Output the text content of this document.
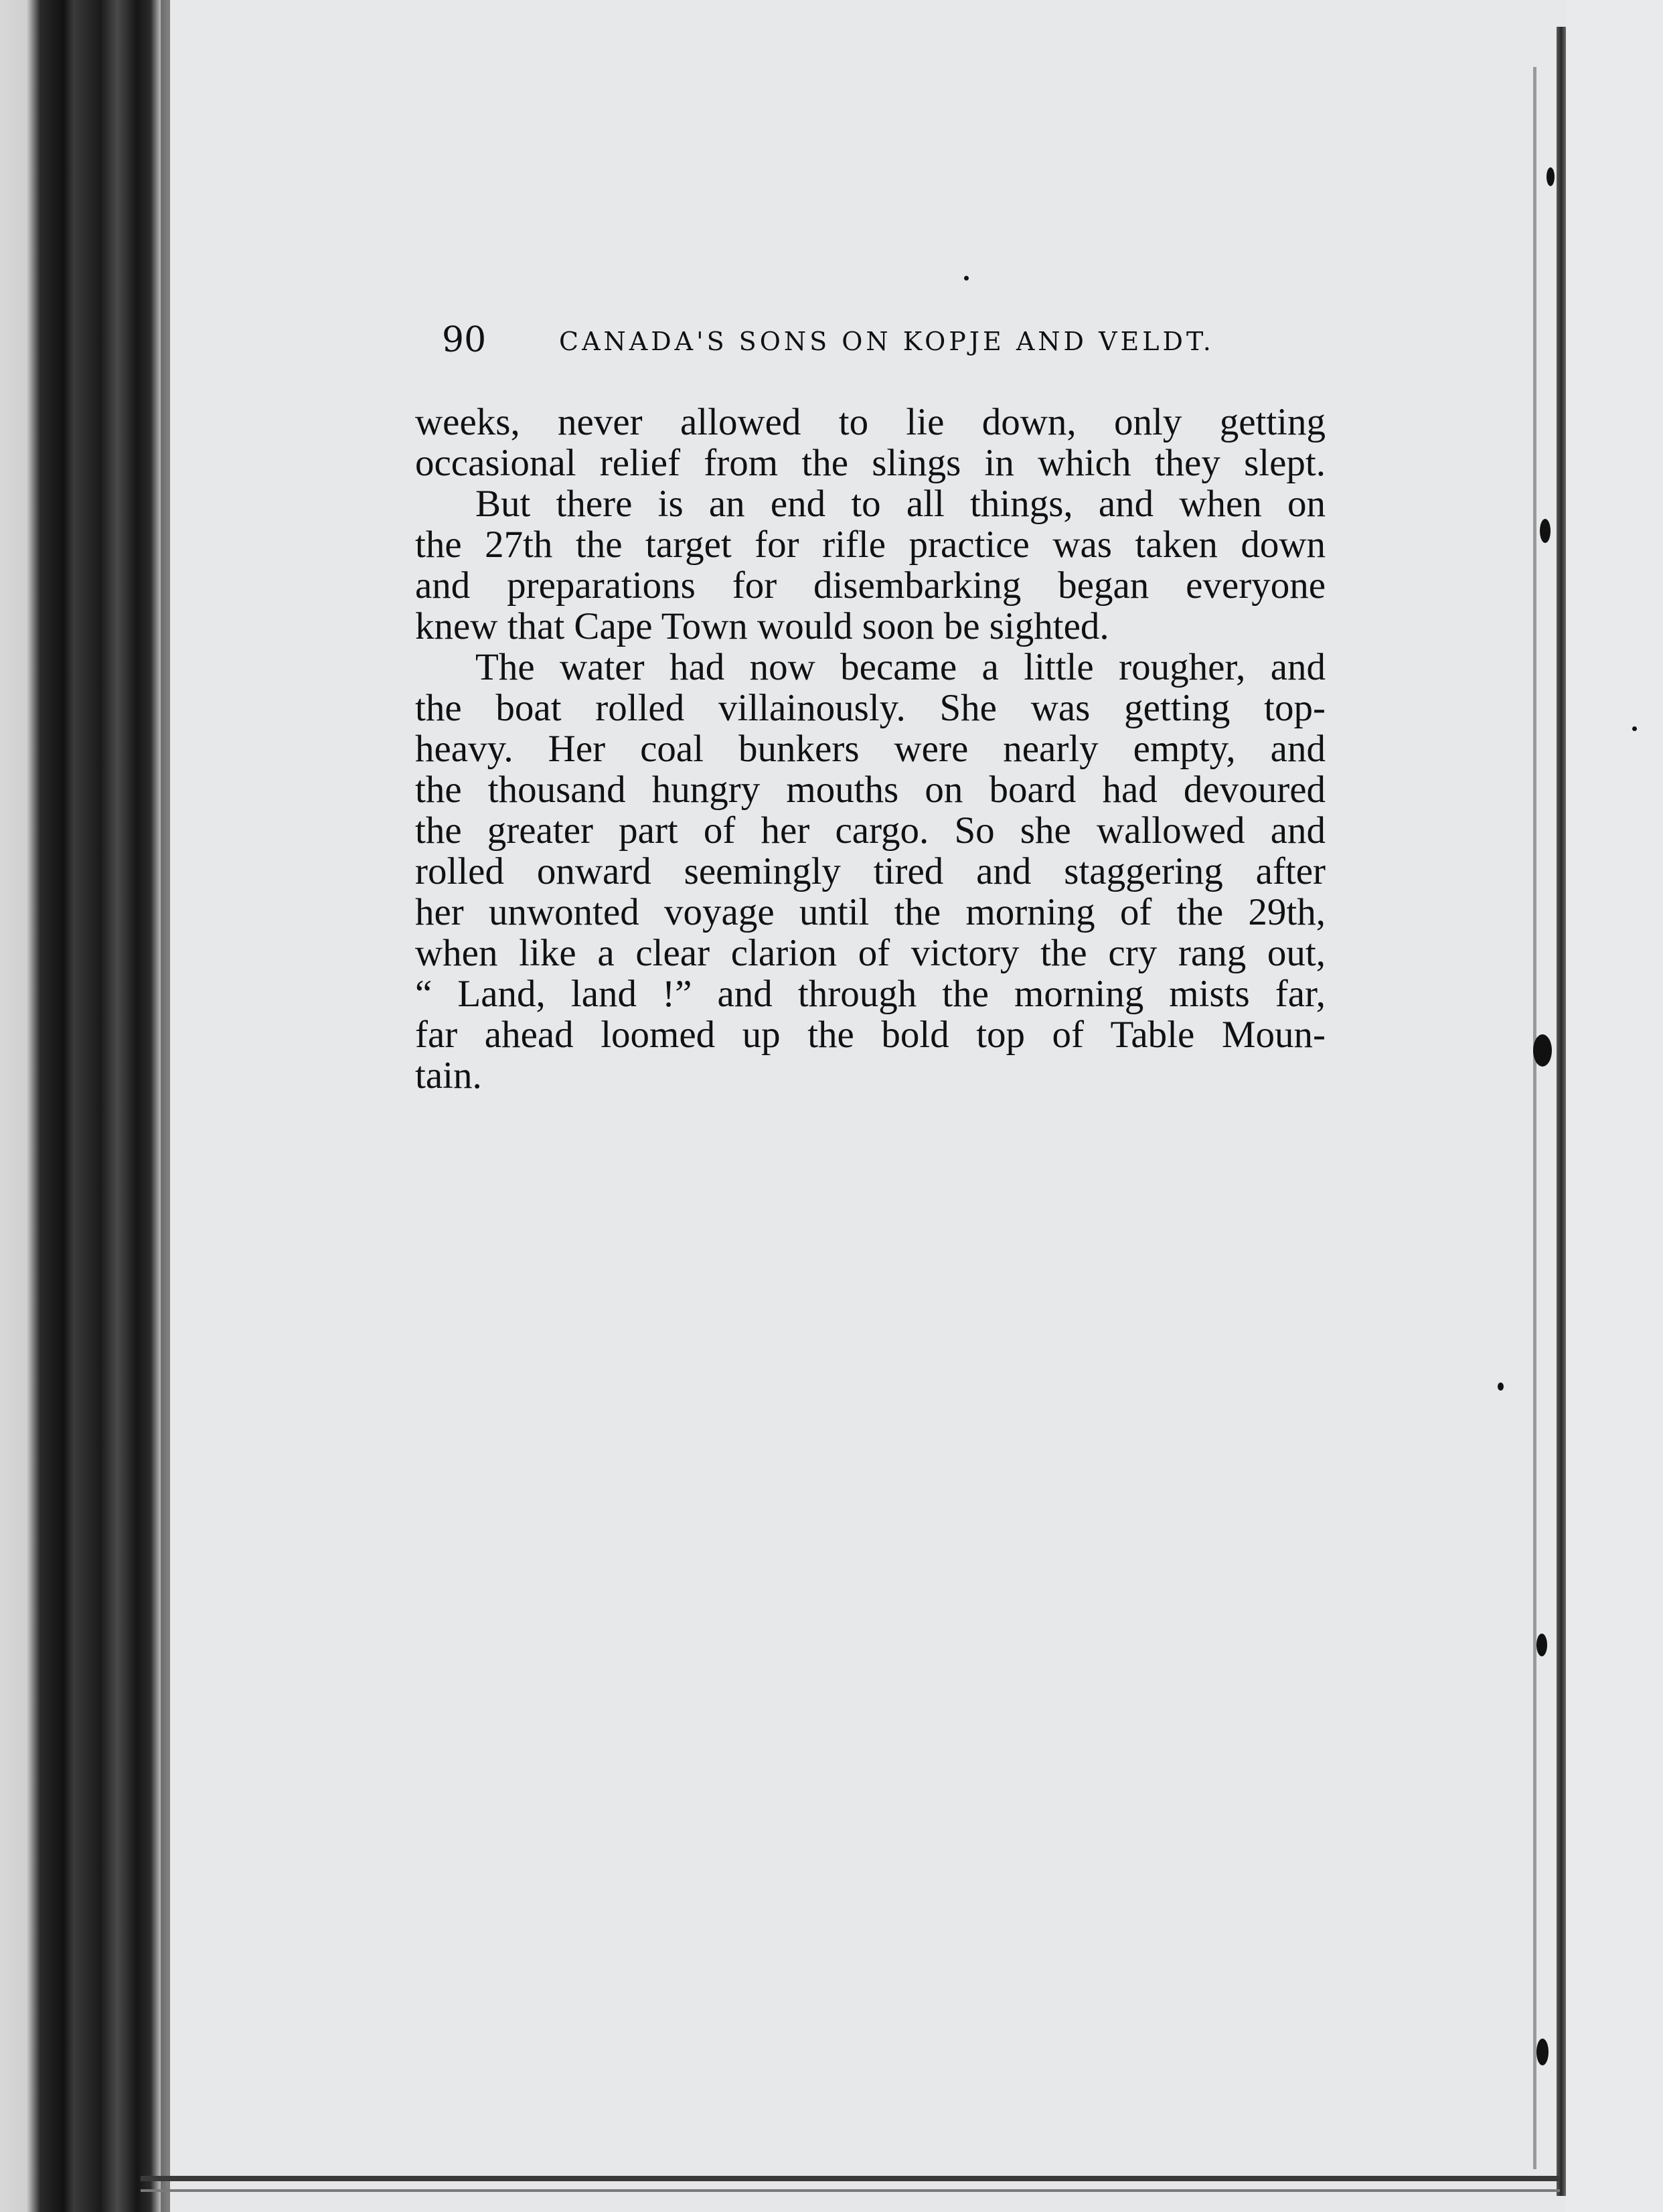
90	CANADA'S SONS ON KOPJE AND VELDT.
weeks, never allowed to lie down, only getting
occasional relief from the slings in which they slept.
But there is an end to all things, and when on
the 27th the target for rifle practice was taken down
and preparations for disembarking began everyone
knew that Cape Town would soon be sighted.
The water had now became a little rougher, and
the boat rolled villainously. She was getting top-
heavy. Her coal bunkers were nearly empty, and
the thousand hungry mouths on board had devoured
the greater part of her cargo. So she wallowed and
rolled onward seemingly tired and staggering after
her unwonted voyage until the morning of the 29th,
when like a clear clarion of victory the cry rang out,
“ Land, land !” and through the morning mists far,
far ahead loomed up the bold top of Table Moun-
tain.
